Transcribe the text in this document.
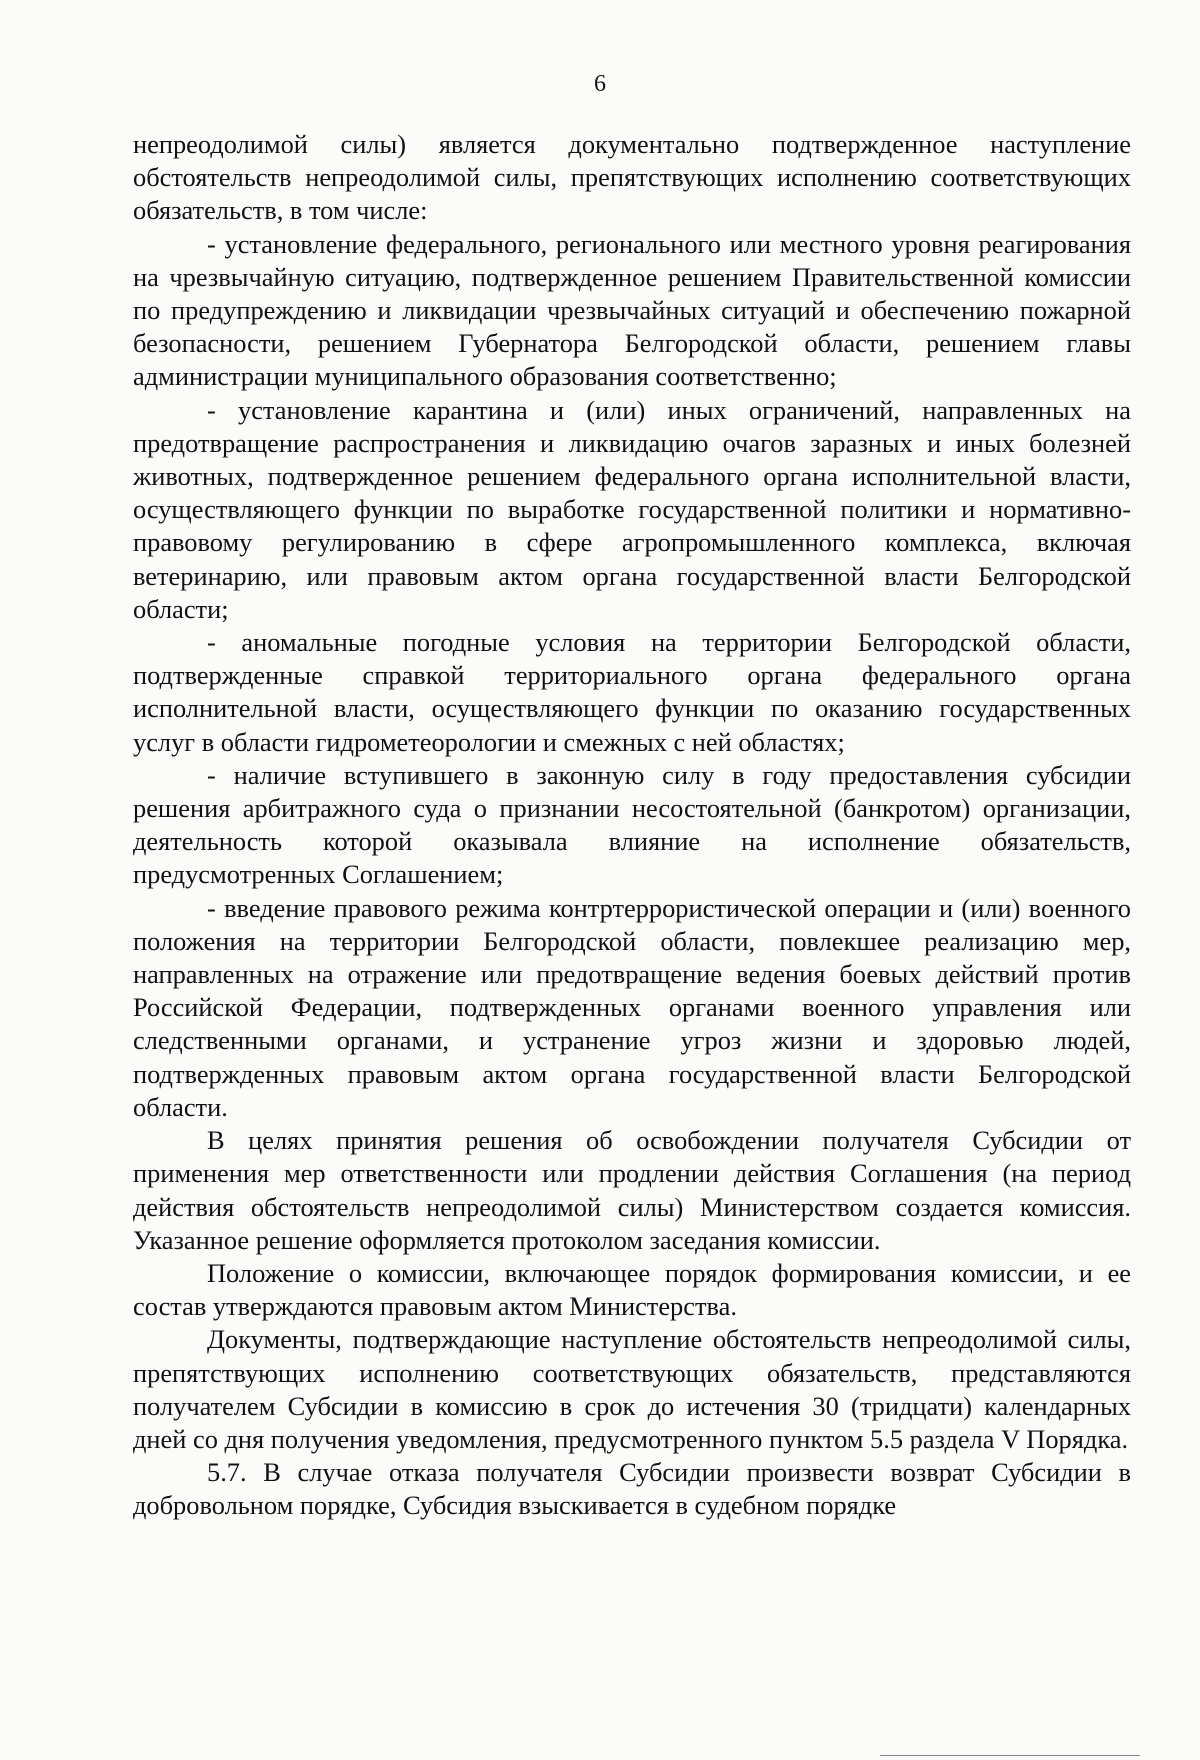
6

непреодолимой силы) является документально подтвержденное наступление обстоятельств непреодолимой силы, препятствующих исполнению соответствующих обязательств, в том числе:

- установление федерального, регионального или местного уровня реагирования на чрезвычайную ситуацию, подтвержденное решением Правительственной комиссии по предупреждению и ликвидации чрезвычайных ситуаций и обеспечению пожарной безопасности, решением Губернатора Белгородской области, решением главы администрации муниципального образования соответственно;

- установление карантина и (или) иных ограничений, направленных на предотвращение распространения и ликвидацию очагов заразных и иных болезней животных, подтвержденное решением федерального органа исполнительной власти, осуществляющего функции по выработке государственной политики и нормативно-правовому регулированию в сфере агропромышленного комплекса, включая ветеринарию, или правовым актом органа государственной власти Белгородской области;

- аномальные погодные условия на территории Белгородской области, подтвержденные справкой территориального органа федерального органа исполнительной власти, осуществляющего функции по оказанию государственных услуг в области гидрометеорологии и смежных с ней областях;

- наличие вступившего в законную силу в году предоставления субсидии решения арбитражного суда о признании несостоятельной (банкротом) организации, деятельность которой оказывала влияние на исполнение обязательств, предусмотренных Соглашением;

- введение правового режима контртеррористической операции и (или) военного положения на территории Белгородской области, повлекшее реализацию мер, направленных на отражение или предотвращение ведения боевых действий против Российской Федерации, подтвержденных органами военного управления или следственными органами, и устранение угроз жизни и здоровью людей, подтвержденных правовым актом органа государственной власти Белгородской области.

В целях принятия решения об освобождении получателя Субсидии от применения мер ответственности или продлении действия Соглашения (на период действия обстоятельств непреодолимой силы) Министерством создается комиссия. Указанное решение оформляется протоколом заседания комиссии.

Положение о комиссии, включающее порядок формирования комиссии, и ее состав утверждаются правовым актом Министерства.

Документы, подтверждающие наступление обстоятельств непреодолимой силы, препятствующих исполнению соответствующих обязательств, представляются получателем Субсидии в комиссию в срок до истечения 30 (тридцати) календарных дней со дня получения уведомления, предусмотренного пунктом 5.5 раздела V Порядка.

5.7. В случае отказа получателя Субсидии произвести возврат Субсидии в добровольном порядке, Субсидия взыскивается в судебном порядке
